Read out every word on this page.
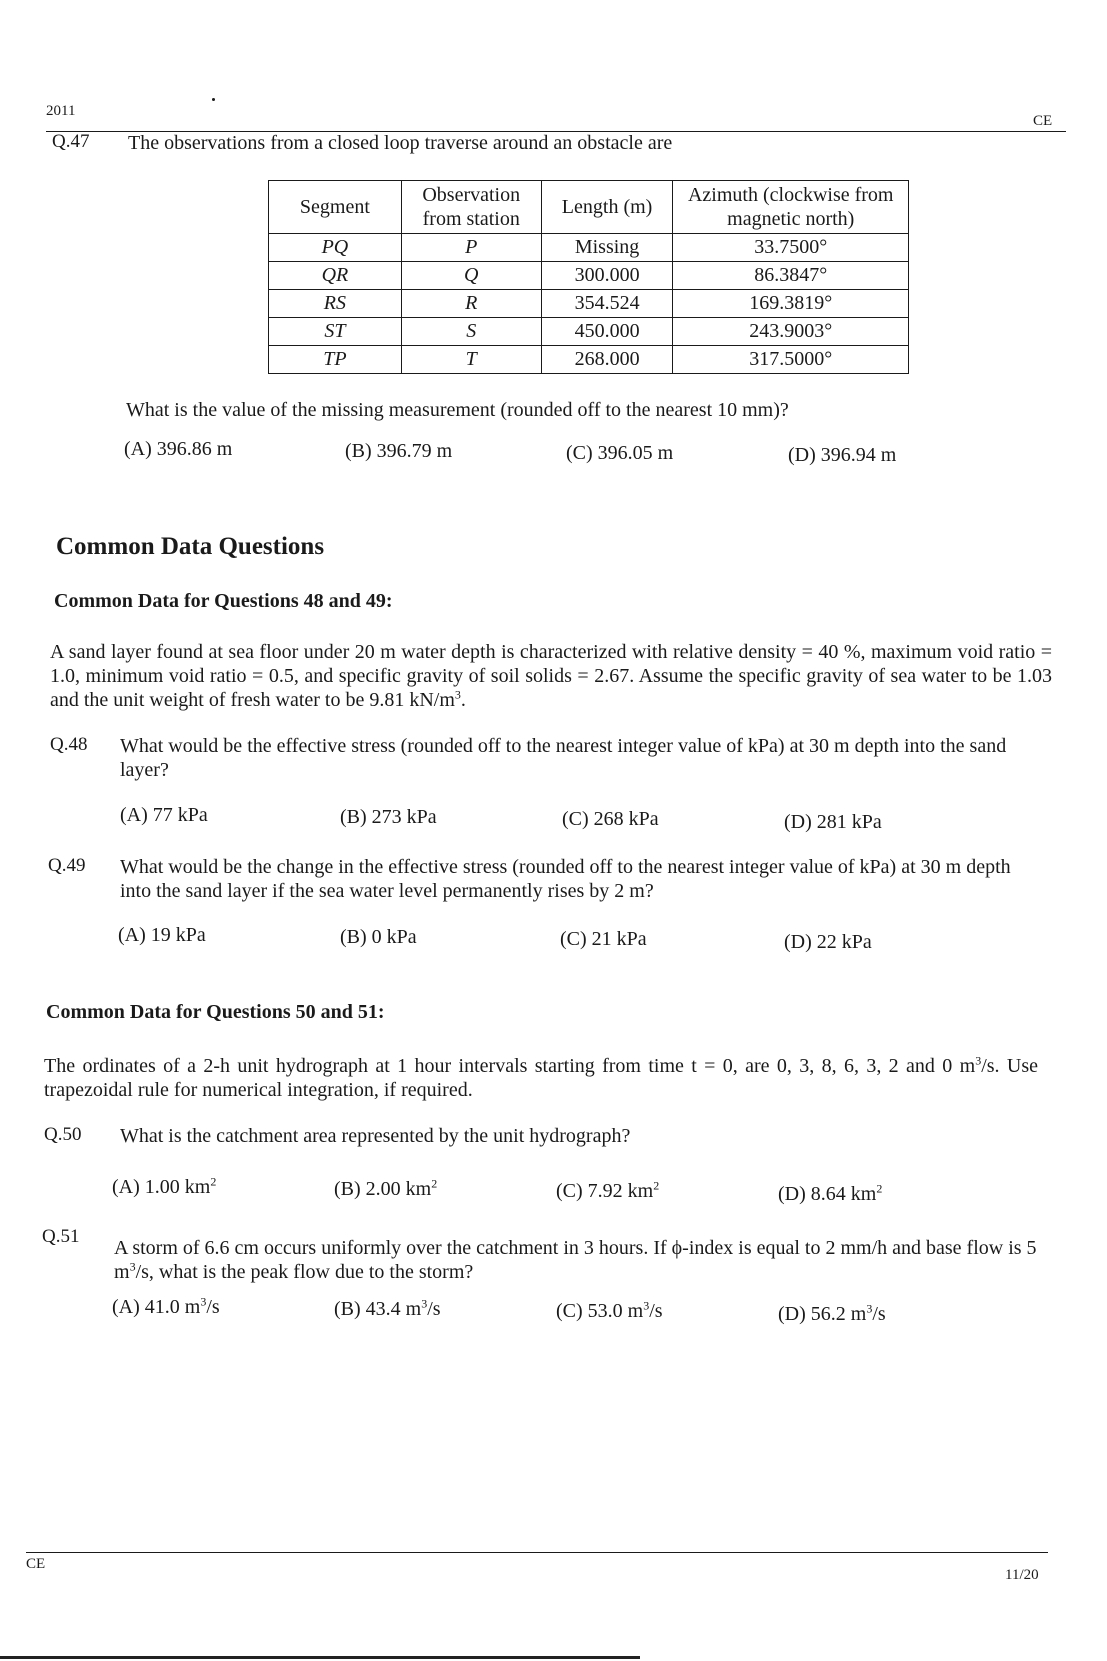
2011
CE
Q.47 The observations from a closed loop traverse around an obstacle are
Segment	Observation from station	Length (m)	Azimuth (clockwise from magnetic north)
PQ	P	Missing	33.7500°
QR	Q	300.000	86.3847°
RS	R	354.524	169.3819°
ST	S	450.000	243.9003°
TP	T	268.000	317.5000°
What is the value of the missing measurement (rounded off to the nearest 10 mm)?
(A) 396.86 m	(B) 396.79 m	(C) 396.05 m	(D) 396.94 m
Common Data Questions
Common Data for Questions 48 and 49:
A sand layer found at sea floor under 20 m water depth is characterized with relative density = 40 %, maximum void ratio = 1.0, minimum void ratio = 0.5, and specific gravity of soil solids = 2.67. Assume the specific gravity of sea water to be 1.03 and the unit weight of fresh water to be 9.81 $kN/m^3$.
Q.48 What would be the effective stress (rounded off to the nearest integer value of kPa) at 30 m depth into the sand layer?
(A) 77 kPa	(B) 273 kPa	(C) 268 kPa	(D) 281 kPa
Q.49 What would be the change in the effective stress (rounded off to the nearest integer value of kPa) at 30 m depth into the sand layer if the sea water level permanently rises by 2 m?
(A) 19 kPa	(B) 0 kPa	(C) 21 kPa	(D) 22 kPa
Common Data for Questions 50 and 51:
The ordinates of a 2-h unit hydrograph at 1 hour intervals starting from time t = 0, are 0, 3, 8, 6, 3, 2 and 0 $m^3/s$. Use trapezoidal rule for numerical integration, if required.
Q.50 What is the catchment area represented by the unit hydrograph?
(A) 1.00 $km^2$	(B) 2.00 $km^2$	(C) 7.92 $km^2$	(D) 8.64 $km^2$
Q.51
A storm of 6.6 cm occurs uniformly over the catchment in 3 hours. If ϕ-index is equal to 2 mm/h and base flow is 5 $m^3/s$, what is the peak flow due to the storm?
(A) 41.0 $m^3/s$	(B) 43.4 $m^3/s$	(C) 53.0 $m^3/s$	(D) 56.2 $m^3/s$
CE
11/20
